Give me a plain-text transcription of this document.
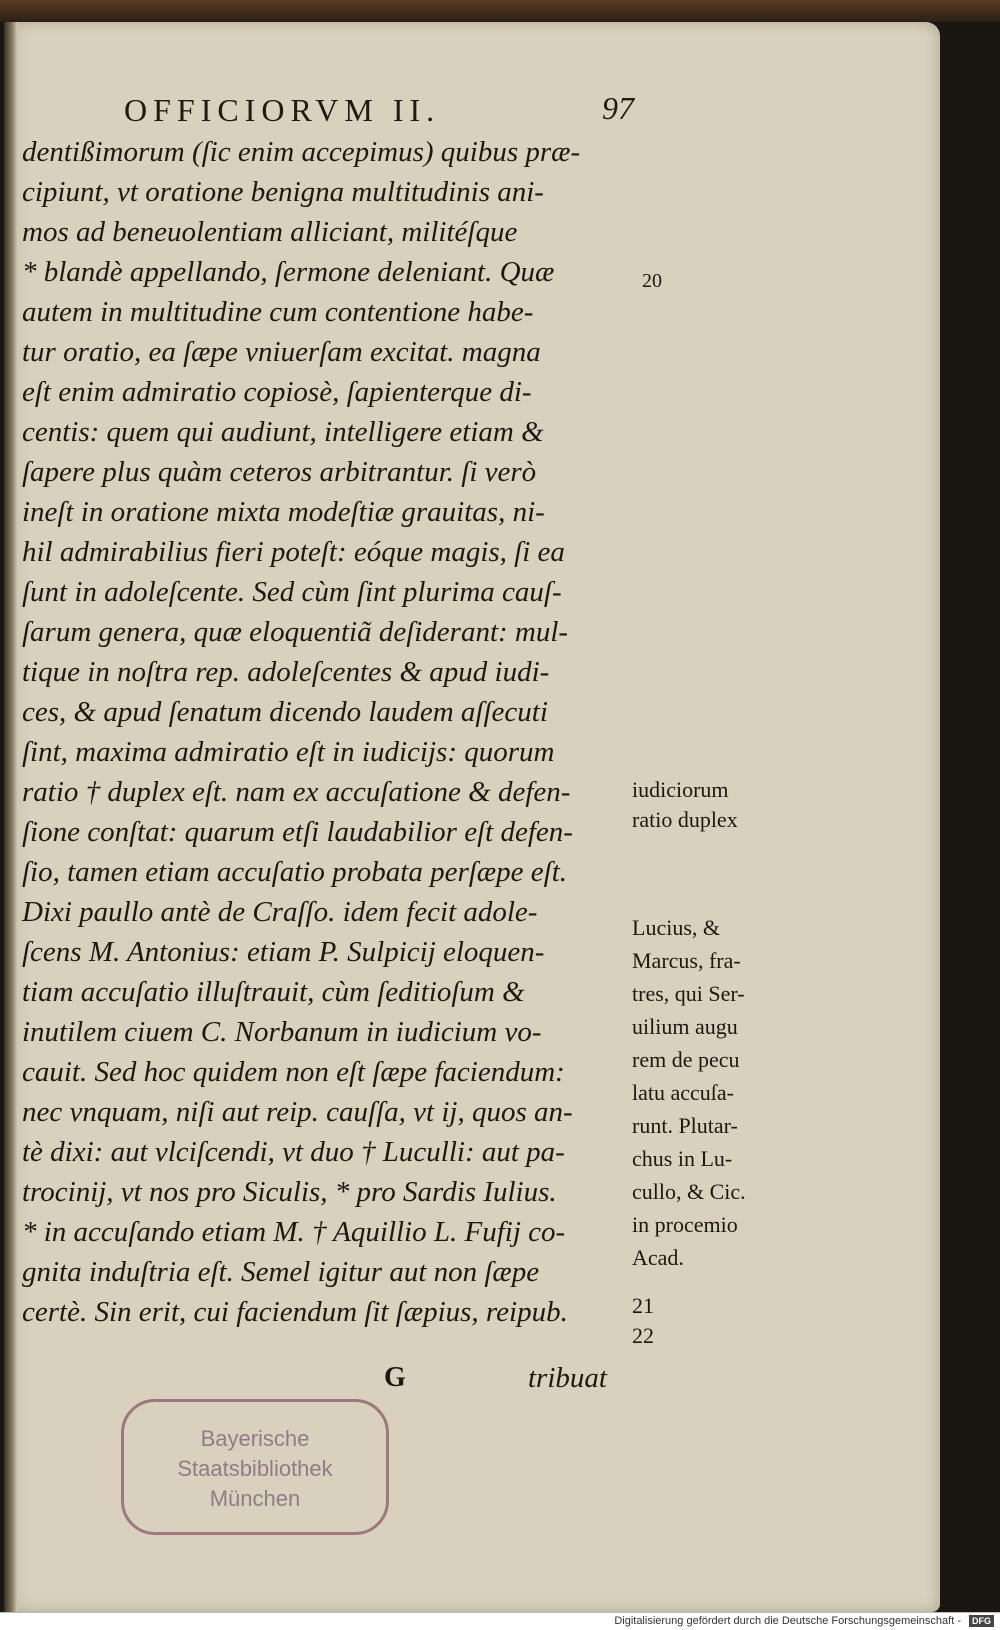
OFFICIORVM II.	97
20
dentißimorum (ſic enim accepimus) quibus præ-
cipiunt, vt oratione benigna multitudinis ani-
mos ad beneuolentiam alliciant, militéſque
* blandè appellando, ſermone deleniant. Quæ
autem in multitudine cum contentione habe-
tur oratio, ea ſæpe vniuerſam excitat. magna
eſt enim admiratio copiosè, ſapienterque di-
centis: quem qui audiunt, intelligere etiam &
ſapere plus quàm ceteros arbitrantur. ſi verò
ineſt in oratione mixta modeſtiæ grauitas, ni-
hil admirabilius fieri poteſt: eóque magis, ſi ea
ſunt in adoleſcente. Sed cùm ſint plurima cauſ-
ſarum genera, quæ eloquentiã deſiderant: mul-
tique in noſtra rep. adoleſcentes & apud iudi-
ces, & apud ſenatum dicendo laudem aſſecuti
ſint, maxima admiratio eſt in iudicijs: quorum
ratio † duplex eſt. nam ex accuſatione & defen-
ſione conſtat: quarum etſi laudabilior eſt defen-
ſio, tamen etiam accuſatio probata perſæpe eſt.
Dixi paullo antè de Craſſo. idem fecit adole-
ſcens M. Antonius: etiam P. Sulpicij eloquen-
tiam accuſatio illuſtrauit, cùm ſeditioſum &
inutilem ciuem C. Norbanum in iudicium vo-
cauit. Sed hoc quidem non eſt ſæpe faciendum:
nec vnquam, niſi aut reip. cauſſa, vt ij, quos an-
tè dixi: aut vlciſcendi, vt duo † Luculli: aut pa-
trocinij, vt nos pro Siculis, * pro Sardis Iulius.
* in accuſando etiam M. † Aquillio L. Fufij co-
gnita induſtria eſt. Semel igitur aut non ſæpe
certè. Sin erit, cui faciendum ſit ſæpius, reipub.
iudiciorum
ratio duplex
Lucius, &
Marcus, fra-
tres, qui Ser-
uilium augu
rem de pecu
latu accuſa-
runt. Plutar-
chus in Lu-
cullo, & Cic.
in procemio
Acad.
21
22
G	tribuat
Bayerische
Staatsbibliothek
München
Digitalisierung gefördert durch die Deutsche Forschungsgemeinschaft - DFG
